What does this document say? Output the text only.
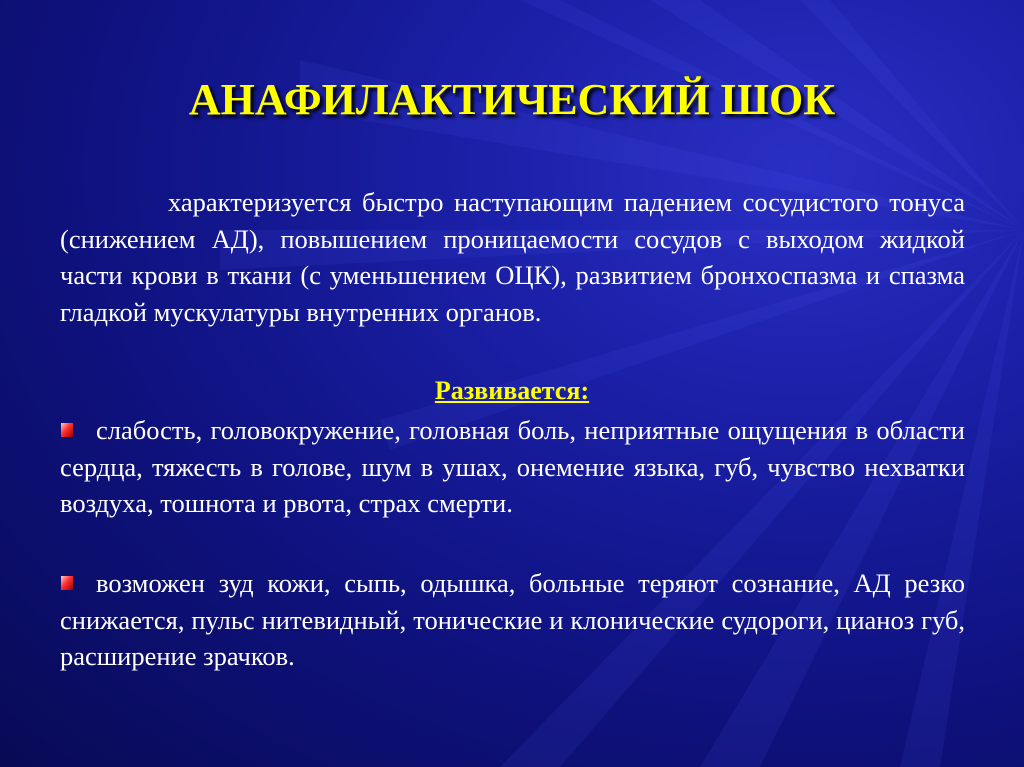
АНАФИЛАКТИЧЕСКИЙ ШОК
характеризуется быстро наступающим падением сосудистого тонуса (снижением АД), повышением проницаемости сосудов с выходом жидкой части крови в ткани (с уменьшением ОЦК), развитием бронхоспазма и спазма гладкой мускулатуры внутренних органов.
Развивается:
слабость, головокружение, головная боль, неприятные ощущения в области сердца, тяжесть в голове, шум в ушах, онемение языка, губ, чувство нехватки воздуха, тошнота и рвота, страх смерти.
возможен зуд кожи, сыпь, одышка, больные теряют сознание, АД резко снижается, пульс нитевидный, тонические и клонические судороги, цианоз губ, расширение зрачков.
